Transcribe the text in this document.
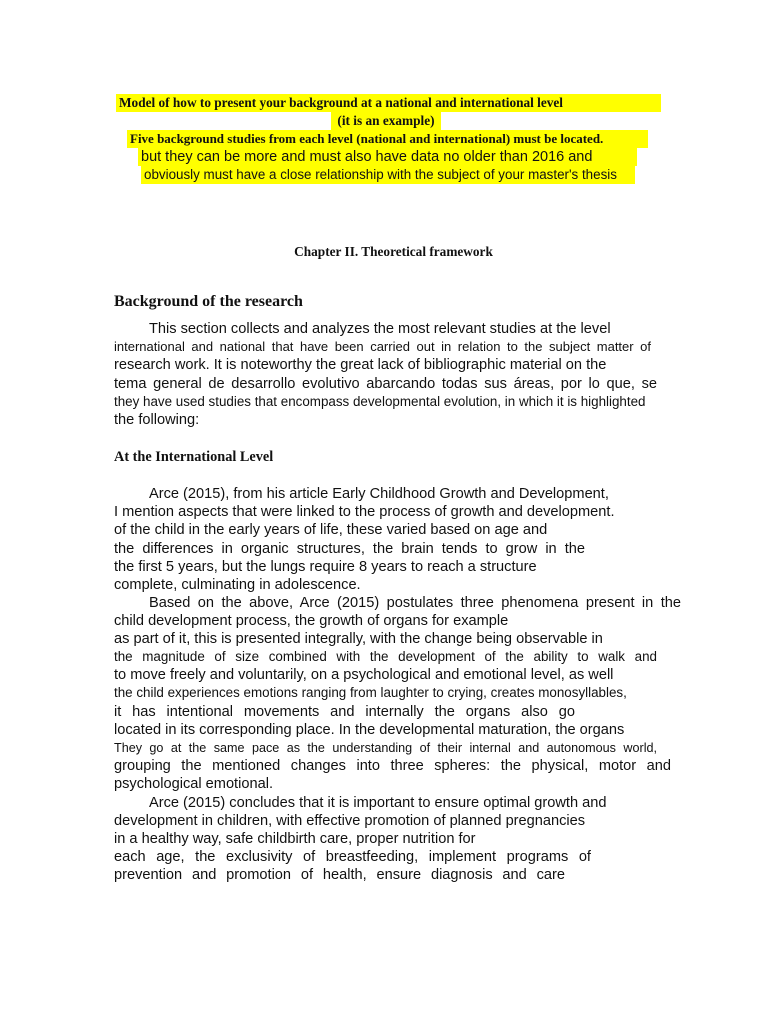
Model of how to present your background at a national and international level
(it is an example)
Five background studies from each level (national and international) must be located.
but they can be more and must also have data no older than 2016 and
obviously must have a close relationship with the subject of your master's thesis
Chapter II. Theoretical framework
Background of the research
This section collects and analyzes the most relevant studies at the level
international and national that have been carried out in relation to the subject matter of
research work. It is noteworthy the great lack of bibliographic material on the
tema general de desarrollo evolutivo abarcando todas sus áreas, por lo que, se
they have used studies that encompass developmental evolution, in which it is highlighted
the following:
At the International Level
Arce (2015), from his article Early Childhood Growth and Development,
I mention aspects that were linked to the process of growth and development.
of the child in the early years of life, these varied based on age and
the differences in organic structures, the brain tends to grow in the
the first 5 years, but the lungs require 8 years to reach a structure
complete, culminating in adolescence.
Based on the above, Arce (2015) postulates three phenomena present in the
child development process, the growth of organs for example
as part of it, this is presented integrally, with the change being observable in
the magnitude of size combined with the development of the ability to walk and
to move freely and voluntarily, on a psychological and emotional level, as well
the child experiences emotions ranging from laughter to crying, creates monosyllables,
it has intentional movements and internally the organs also go
located in its corresponding place. In the developmental maturation, the organs
They go at the same pace as the understanding of their internal and autonomous world,
grouping the mentioned changes into three spheres: the physical, motor and
psychological emotional.
Arce (2015) concludes that it is important to ensure optimal growth and
development in children, with effective promotion of planned pregnancies
in a healthy way, safe childbirth care, proper nutrition for
each age, the exclusivity of breastfeeding, implement programs of
prevention and promotion of health, ensure diagnosis and care
